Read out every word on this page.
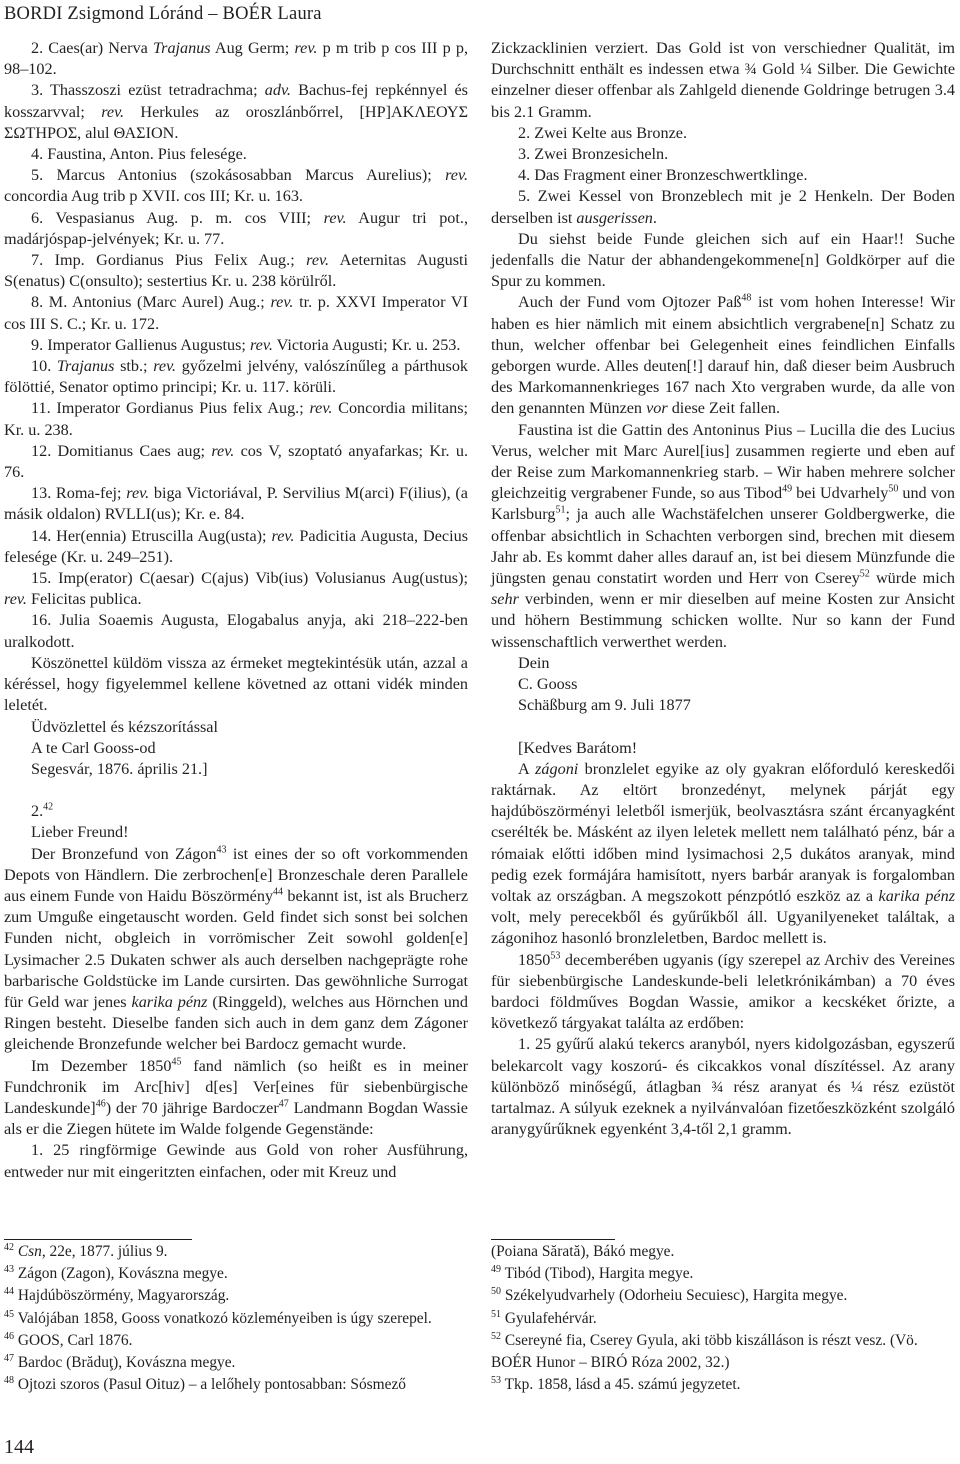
BORDI Zsigmond Lóránd – BOÉR Laura

2. Caes(ar) Nerva Trajanus Aug Germ; rev. p m trib p cos III p p, 98–102.

3. Thasszoszi ezüst tetradrachma; adv. Bachus-fej repkénnyel és kosszarvval; rev. Herkules az oroszlánbőrrel, [ΗΡ]ΑΚΛΕΟΥΣ ΣΩΤΗΡΟΣ, alul ΘΑΣΙΟΝ.

4. Faustina, Anton. Pius felesége.

5. Marcus Antonius (szokásosabban Marcus Aurelius); rev. concordia Aug trib p XVII. cos III; Kr. u. 163.

6. Vespasianus Aug. p. m. cos VIII; rev. Augur tri pot., madárjóspap-jelvények; Kr. u. 77.

7. Imp. Gordianus Pius Felix Aug.; rev. Aeternitas Augusti S(enatus) C(onsulto); sestertius Kr. u. 238 körülről.

8. M. Antonius (Marc Aurel) Aug.; rev. tr. p. XXVI Imperator VI cos III S. C.; Kr. u. 172.

9. Imperator Gallienus Augustus; rev. Victoria Augusti; Kr. u. 253.

10. Trajanus stb.; rev. győzelmi jelvény, valószínűleg a párthusok fölöttié, Senator optimo principi; Kr. u. 117. körüli.

11. Imperator Gordianus Pius felix Aug.; rev. Concordia militans; Kr. u. 238.

12. Domitianus Caes aug; rev. cos V, szoptató anyafarkas; Kr. u. 76.

13. Roma-fej; rev. biga Victoriával, P. Servilius M(arci) F(ilius), (a másik oldalon) RVLLI(us); Kr. e. 84.

14. Her(ennia) Etruscilla Aug(usta); rev. Padicitia Augusta, Decius felesége (Kr. u. 249–251).

15. Imp(erator) C(aesar) C(ajus) Vib(ius) Volusianus Aug(ustus); rev. Felicitas publica.

16. Julia Soaemis Augusta, Elogabalus anyja, aki 218–222-ben uralkodott.

Köszönettel küldöm vissza az érmeket megtekintésük után, azzal a kéréssel, hogy figyelemmel kellene követned az ottani vidék minden leletét.

Üdvözlettel és kézszorítással

A te Carl Gooss-od

Segesvár, 1876. április 21.]

2.42

Lieber Freund!

Der Bronzefund von Zágon$^{43}$ ist eines der so oft vorkommenden Depots von Händlern. Die zerbrochen[e] Bronzeschale deren Parallele aus einem Funde von Haidu Böszörmény$^{44}$ bekannt ist, ist als Brucherz zum Umguße eingetauscht worden. Geld findet sich sonst bei solchen Funden nicht, obgleich in vorrömischer Zeit sowohl golden[e] Lysimacher 2.5 Dukaten schwer als auch derselben nachgeprägte rohe barbarische Goldstücke im Lande cursirten. Das gewöhnliche Surrogat für Geld war jenes karika pénz (Ringgeld), welches aus Hörnchen und Ringen besteht. Dieselbe fanden sich auch in dem ganz dem Zágoner gleichende Bronzefunde welcher bei Bardocz gemacht wurde.

Im Dezember 1850$^{45}$ fand nämlich (so heißt es in meiner Fundchronik im Arc[hiv] d[es] Ver[eines für siebenbürgische Landeskunde]$^{46}$) der 70 jährige Bardoczer$^{47}$ Landmann Bogdan Wassie als er die Ziegen hütete im Walde folgende Gegenstände:

1. 25 ringförmige Gewinde aus Gold von roher Ausführung, entweder nur mit eingeritzten einfachen, oder mit Kreuz und

Zickzacklinien verziert. Das Gold ist von verschiedner Qualität, im Durchschnitt enthält es indessen etwa ¾ Gold ¼ Silber. Die Gewichte einzelner dieser offenbar als Zahlgeld dienende Goldringe betrugen 3.4 bis 2.1 Gramm.

2. Zwei Kelte aus Bronze.

3. Zwei Bronzesicheln.

4. Das Fragment einer Bronzeschwertklinge.

5. Zwei Kessel von Bronzeblech mit je 2 Henkeln. Der Boden derselben ist ausgerissen.

Du siehst beide Funde gleichen sich auf ein Haar!! Suche jedenfalls die Natur der abhandengekommene[n] Goldkörper auf die Spur zu kommen.

Auch der Fund vom Ojtozer Paß$^{48}$ ist vom hohen Interesse! Wir haben es hier nämlich mit einem absichtlich vergrabene[n] Schatz zu thun, welcher offenbar bei Gelegenheit eines feindlichen Einfalls geborgen wurde. Alles deuten[!] darauf hin, daß dieser beim Ausbruch des Markomannenkrieges 167 nach Xto vergraben wurde, da alle von den genannten Münzen vor diese Zeit fallen.

Faustina ist die Gattin des Antoninus Pius – Lucilla die des Lucius Verus, welcher mit Marc Aurel[ius] zusammen regierte und eben auf der Reise zum Markomannenkrieg starb. – Wir haben mehrere solcher gleichzeitig vergrabener Funde, so aus Tibod$^{49}$ bei Udvarhely$^{50}$ und von Karlsburg$^{51}$; ja auch alle Wachstäfelchen unserer Goldbergwerke, die offenbar absichtlich in Schachten verborgen sind, brechen mit diesem Jahr ab. Es kommt daher alles darauf an, ist bei diesem Münzfunde die jüngsten genau constatirt worden und Herr von Cserey$^{52}$ würde mich sehr verbinden, wenn er mir dieselben auf meine Kosten zur Ansicht und höhern Bestimmung schicken wollte. Nur so kann der Fund wissenschaftlich verwerthet werden.

Dein

C. Gooss

Schäßburg am 9. Juli 1877

[Kedves Barátom!

A zágoni bronzlelet egyike az oly gyakran előforduló kereskedői raktárnak. Az eltört bronzedényt, melynek párját egy hajdúböszörményi leletből ismerjük, beolvasztásra szánt ércanyagként cserélték be. Másként az ilyen leletek mellett nem található pénz, bár a rómaiak előtti időben mind lysimachosi 2,5 dukátos aranyak, mind pedig ezek formájára hamisított, nyers barbár aranyak is forgalomban voltak az országban. A megszokott pénzpótló eszköz az a karika pénz volt, mely perecekből és gyűrűkből áll. Ugyanilyeneket találtak, a zágonihoz hasonló bronzleletben, Bardoc mellett is.

1850$^{53}$ decemberében ugyanis (így szerepel az Archiv des Vereines für siebenbürgische Landeskunde-beli leletkrónikámban) a 70 éves bardoci földműves Bogdan Wassie, amikor a kecskéket őrizte, a következő tárgyakat találta az erdőben:

1. 25 gyűrű alakú tekercs aranyból, nyers kidolgozásban, egyszerű belekarcolt vagy koszorú- és cikcakkos vonal díszítéssel. Az arany különböző minőségű, átlagban ¾ rész aranyat és ¼ rész ezüstöt tartalmaz. A súlyuk ezeknek a nyilvánvalóan fizetőeszközként szolgáló aranygyűrűknek egyenként 3,4-től 2,1 gramm.

$^{42}$ Csn, 22e, 1877. július 9.

$^{43}$ Zágon (Zagon), Kovászna megye.

$^{44}$ Hajdúböszörmény, Magyarország.

$^{45}$ Valójában 1858, Gooss vonatkozó közleményeiben is úgy szerepel.

$^{46}$ GOOS, Carl 1876.

$^{47}$ Bardoc (Brăduţ), Kovászna megye.

$^{48}$ Ojtozi szoros (Pasul Oituz) – a lelőhely pontosabban: Sósmező

(Poiana Sărată), Bákó megye.

$^{49}$ Tibód (Tibod), Hargita megye.

$^{50}$ Székelyudvarhely (Odorheiu Secuiesc), Hargita megye.

$^{51}$ Gyulafehérvár.

$^{52}$ Csereyné fia, Cserey Gyula, aki több kiszálláson is részt vesz. (Vö. BOÉR Hunor – BIRÓ Róza 2002, 32.)

$^{53}$ Tkp. 1858, lásd a 45. számú jegyzetet.

144
